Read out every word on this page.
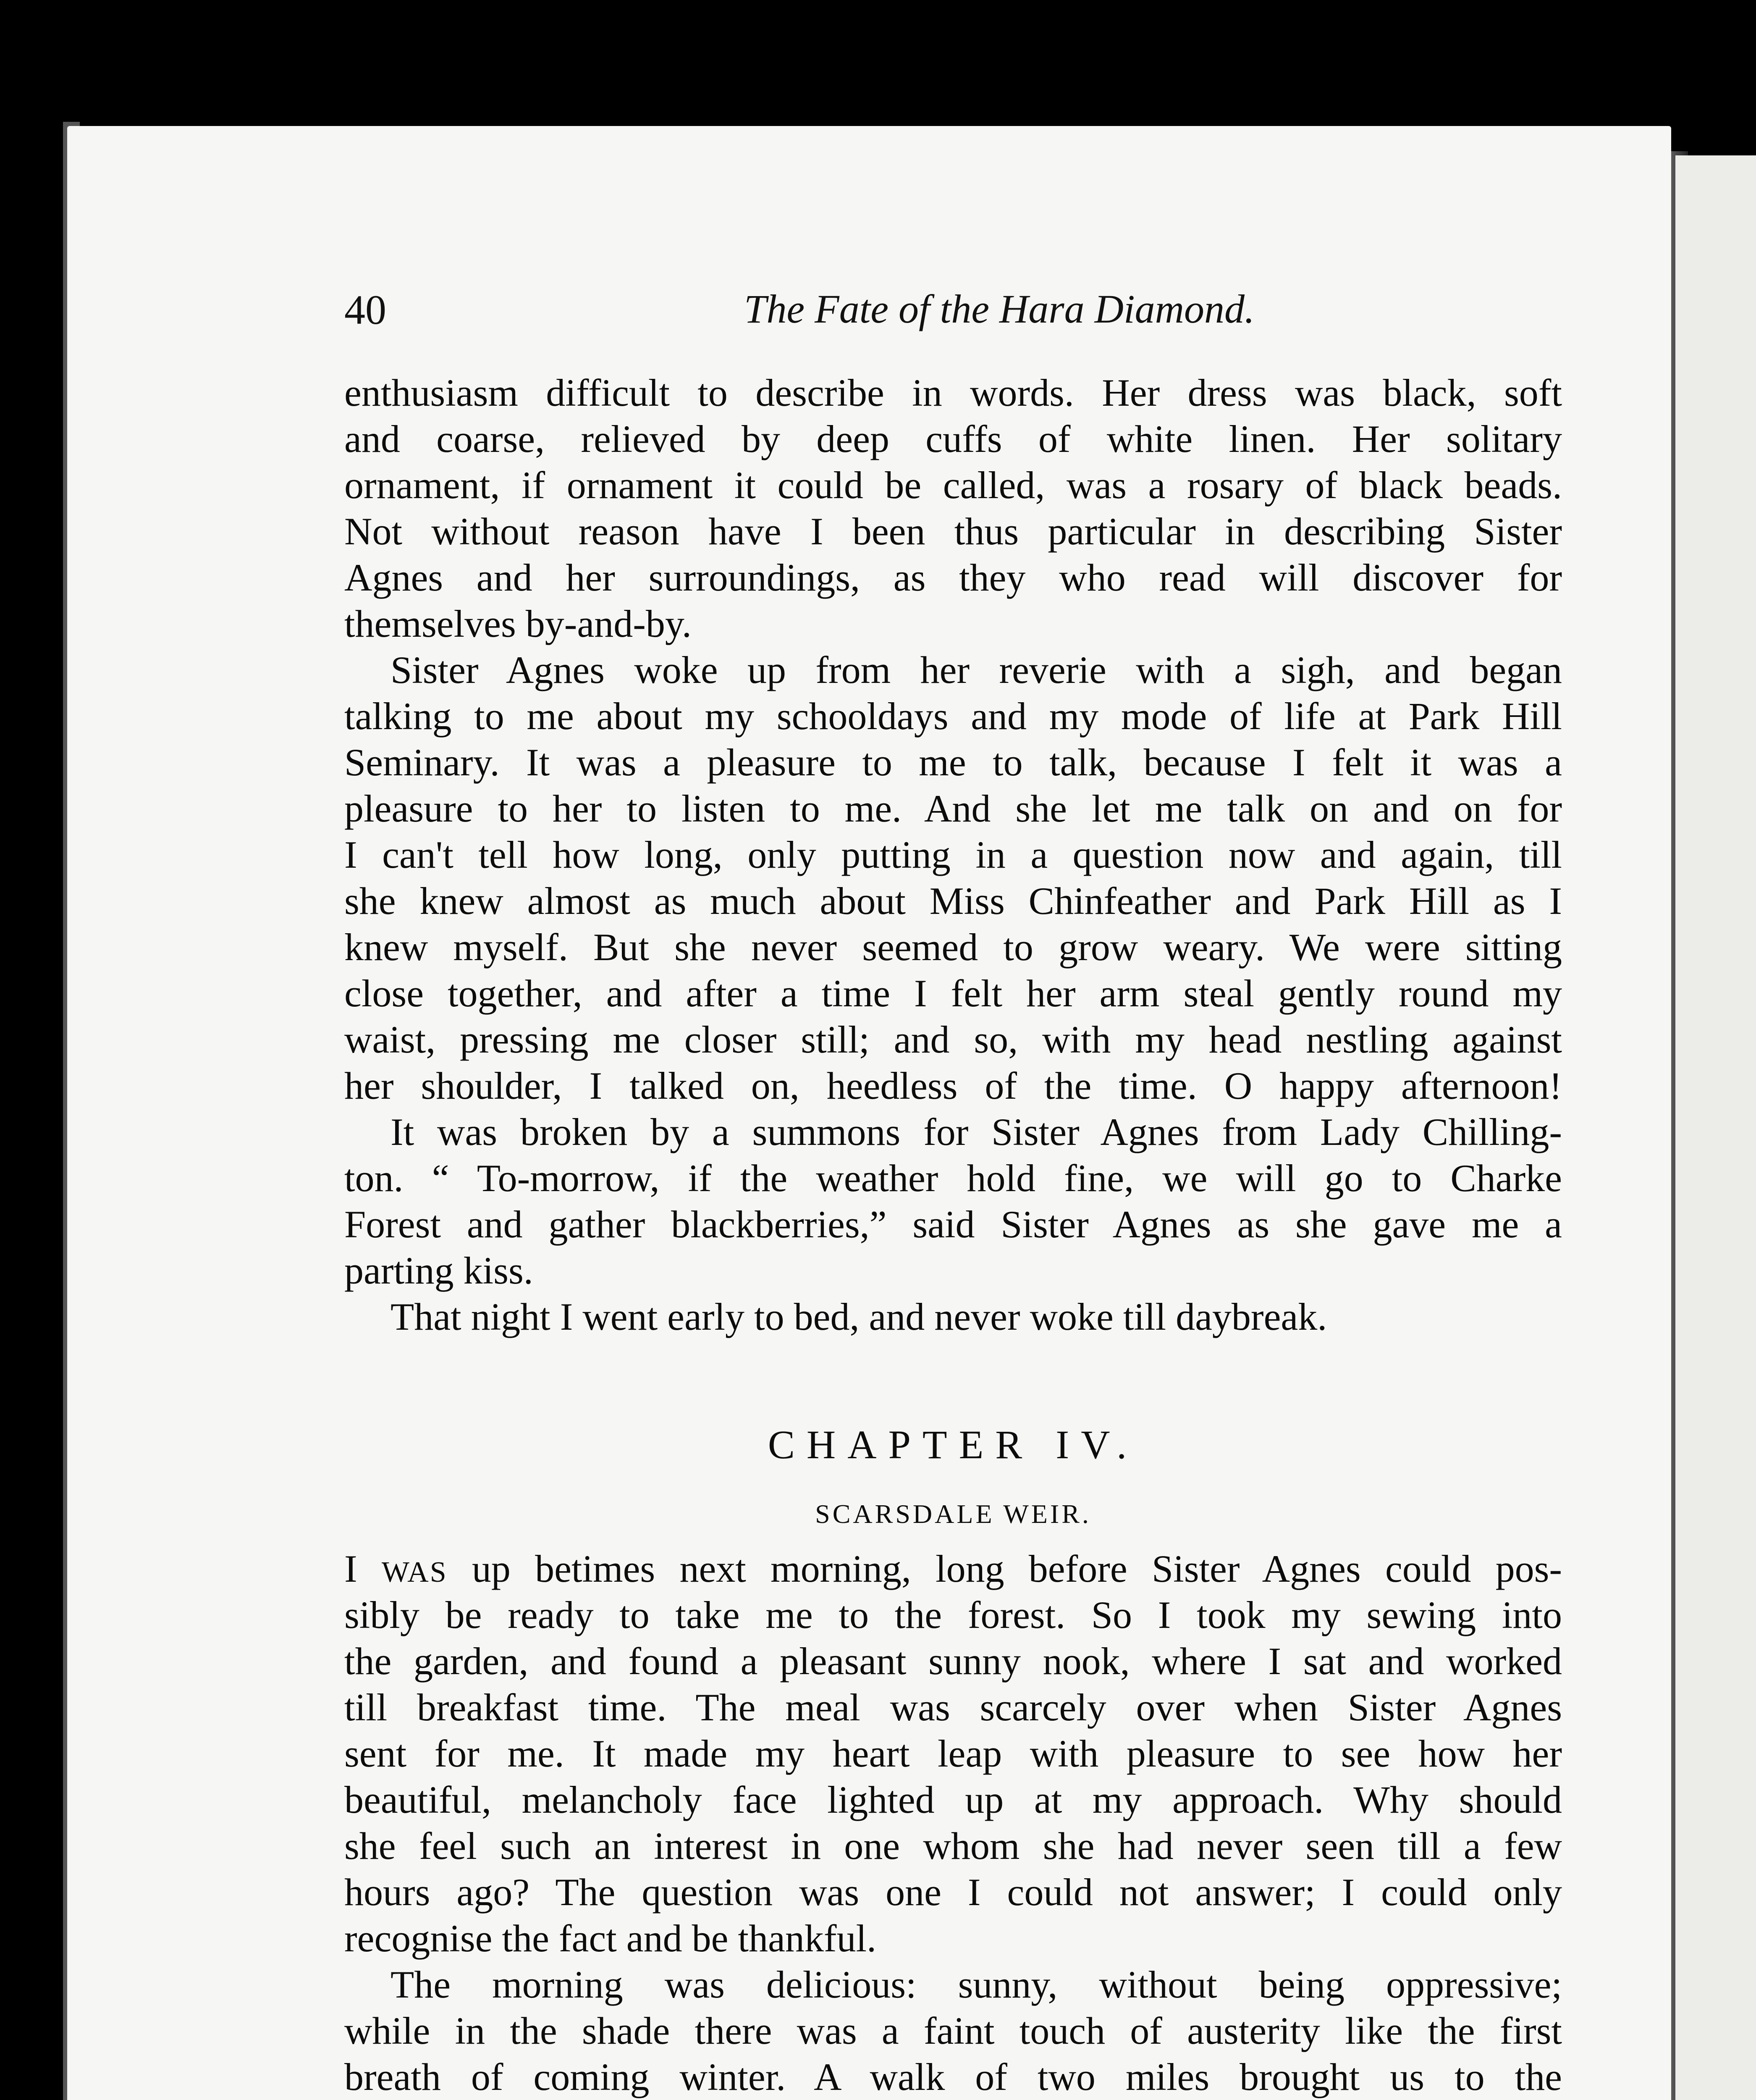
40	The Fate of the Hara Diamond.
enthusiasm difficult to describe in words. Her dress was black, soft
and coarse, relieved by deep cuffs of white linen. Her solitary
ornament, if ornament it could be called, was a rosary of black beads.
Not without reason have I been thus particular in describing Sister
Agnes and her surroundings, as they who read will discover for
themselves by-and-by.
Sister Agnes woke up from her reverie with a sigh, and began
talking to me about my schooldays and my mode of life at Park Hill
Seminary. It was a pleasure to me to talk, because I felt it was a
pleasure to her to listen to me. And she let me talk on and on for
I can't tell how long, only putting in a question now and again, till
she knew almost as much about Miss Chinfeather and Park Hill as I
knew myself. But she never seemed to grow weary. We were sitting
close together, and after a time I felt her arm steal gently round my
waist, pressing me closer still; and so, with my head nestling against
her shoulder, I talked on, heedless of the time. O happy afternoon!
It was broken by a summons for Sister Agnes from Lady Chilling-
ton. “ To-morrow, if the weather hold fine, we will go to Charke
Forest and gather blackberries,” said Sister Agnes as she gave me a
parting kiss.
That night I went early to bed, and never woke till daybreak.
CHAPTER IV.
SCARSDALE WEIR.
I WAS up betimes next morning, long before Sister Agnes could pos-
sibly be ready to take me to the forest. So I took my sewing into
the garden, and found a pleasant sunny nook, where I sat and worked
till breakfast time. The meal was scarcely over when Sister Agnes
sent for me. It made my heart leap with pleasure to see how her
beautiful, melancholy face lighted up at my approach. Why should
she feel such an interest in one whom she had never seen till a few
hours ago? The question was one I could not answer; I could only
recognise the fact and be thankful.
The morning was delicious: sunny, without being oppressive;
while in the shade there was a faint touch of austerity like the first
breath of coming winter. A walk of two miles brought us to the
